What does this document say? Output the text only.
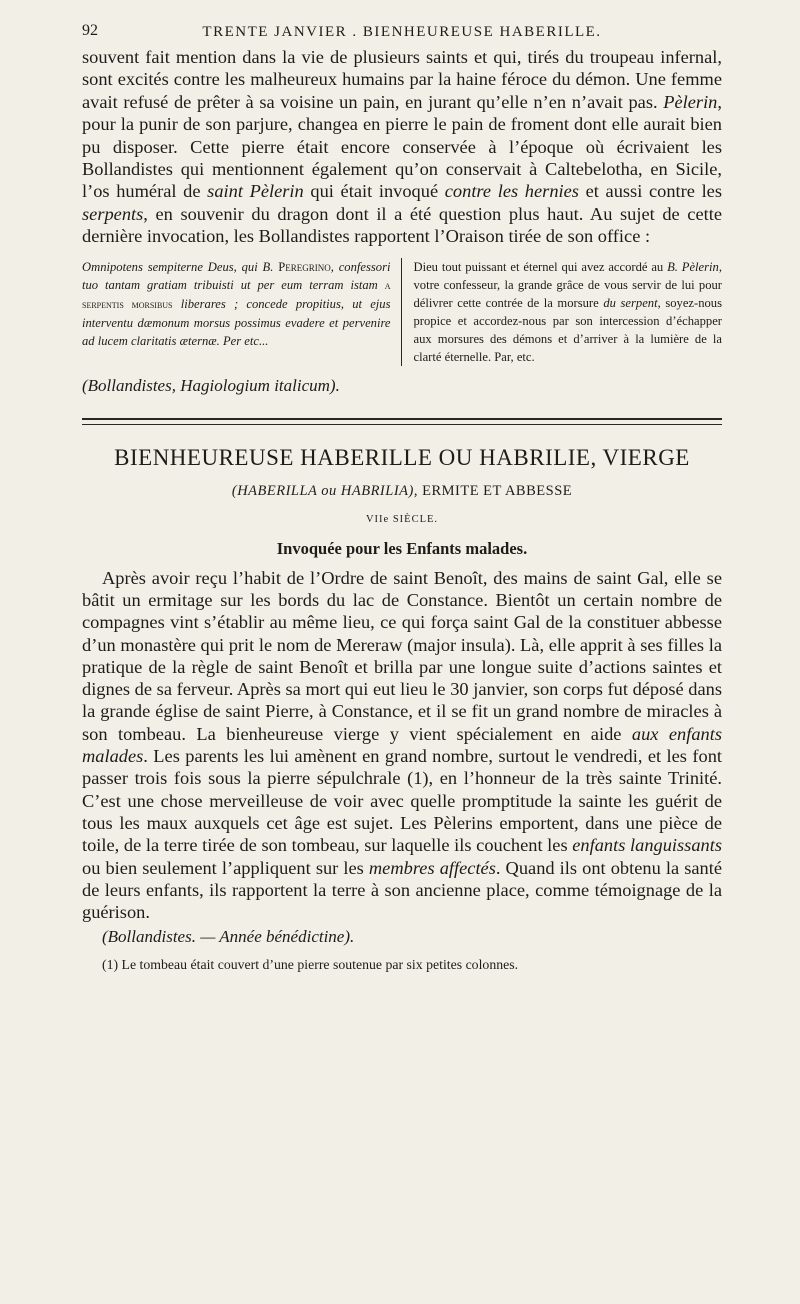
92	TRENTE JANVIER . BIENHEUREUSE HABERILLE.

souvent fait mention dans la vie de plusieurs saints et qui, tirés du troupeau infernal, sont excités contre les malheureux humains par la haine féroce du démon. Une femme avait refusé de prêter à sa voisine un pain, en jurant qu’elle n’en n’avait pas. Pèlerin, pour la punir de son parjure, changea en pierre le pain de froment dont elle aurait bien pu disposer. Cette pierre était encore conservée à l’époque où écrivaient les Bollandistes qui mentionnent également qu’on conservait à Caltebelotha, en Sicile, l’os huméral de saint Pèlerin qui était invoqué contre les hernies et aussi contre les serpents, en souvenir du dragon dont il a été question plus haut. Au sujet de cette dernière invocation, les Bollandistes rapportent l’Oraison tirée de son office :

Omnipotens sempiterne Deus, qui B. Peregrino, confessori tuo tantam gratiam tribuisti ut per eum terram istam a serpentis morsibus liberares ; concede propitius, ut ejus interventu dæmonum morsus possimus evadere et pervenire ad lucem claritatis æternæ. Per etc...
Dieu tout puissant et éternel qui avez accordé au B. Pèlerin, votre confesseur, la grande grâce de vous servir de lui pour délivrer cette contrée de la morsure du serpent, soyez-nous propice et accordez-nous par son intercession d’échapper aux morsures des démons et d’arriver à la lumière de la clarté éternelle. Par, etc.

(Bollandistes, Hagiologium italicum).

BIENHEUREUSE HABERILLE OU HABRILIE, VIERGE
(HABERILLA ou HABRILIA), ERMITE ET ABBESSE
VIIe SIÈCLE.
Invoquée pour les Enfants malades.

Après avoir reçu l’habit de l’Ordre de saint Benoît, des mains de saint Gal, elle se bâtit un ermitage sur les bords du lac de Constance. Bientôt un certain nombre de compagnes vint s’établir au même lieu, ce qui força saint Gal de la constituer abbesse d’un monastère qui prit le nom de Mereraw (major insula). Là, elle apprit à ses filles la pratique de la règle de saint Benoît et brilla par une longue suite d’actions saintes et dignes de sa ferveur. Après sa mort qui eut lieu le 30 janvier, son corps fut déposé dans la grande église de saint Pierre, à Constance, et il se fit un grand nombre de miracles à son tombeau. La bienheureuse vierge y vient spécialement en aide aux enfants malades. Les parents les lui amènent en grand nombre, surtout le vendredi, et les font passer trois fois sous la pierre sépulchrale (1), en l’honneur de la très sainte Trinité. C’est une chose merveilleuse de voir avec quelle promptitude la sainte les guérit de tous les maux auxquels cet âge est sujet. Les Pèlerins emportent, dans une pièce de toile, de la terre tirée de son tombeau, sur laquelle ils couchent les enfants languissants ou bien seulement l’appliquent sur les membres affectés. Quand ils ont obtenu la santé de leurs enfants, ils rapportent la terre à son ancienne place, comme témoignage de la guérison.

(Bollandistes. — Année bénédictine).

(1) Le tombeau était couvert d’une pierre soutenue par six petites colonnes.
